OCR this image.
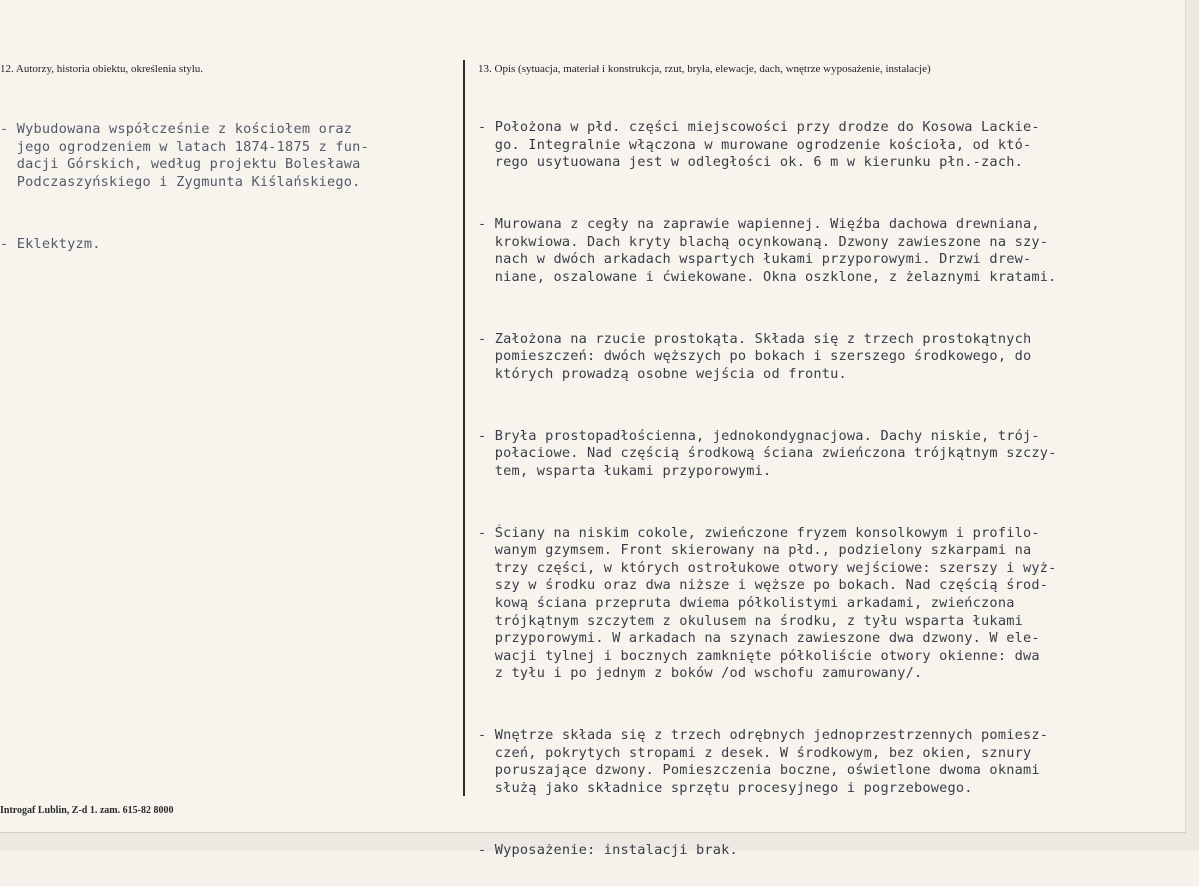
12. Autorzy, historia obiektu, określenia stylu.	13. Opis (sytuacja, materiał i konstrukcja, rzut, bryła, elewacje, dach, wnętrze wyposażenie, instalacje)

- Wybudowana współcześnie z kościołem oraz
jego ogrodzeniem w latach 1874-1875 z fun-
dacji Górskich, według projektu Bolesława
Podczaszyńskiego i Zygmunta Kiślańskiego.

- Eklektyzm.

- Położona w płd. części miejscowości przy drodze do Kosowa Lackie-
go. Integralnie włączona w murowane ogrodzenie kościoła, od któ-
rego usytuowana jest w odległości ok. 6 m w kierunku płn.-zach.

- Murowana z cegły na zaprawie wapiennej. Więźba dachowa drewniana,
krokwiowa. Dach kryty blachą ocynkowaną. Dzwony zawieszone na szy-
nach w dwóch arkadach wspartych łukami przyporowymi. Drzwi drew-
niane, oszalowane i ćwiekowane. Okna oszklone, z żelaznymi kratami.

- Założona na rzucie prostokąta. Składa się z trzech prostokątnych
pomieszczeń: dwóch węższych po bokach i szerszego środkowego, do
których prowadzą osobne wejścia od frontu.

- Bryła prostopadłościenna, jednokondygnacjowa. Dachy niskie, trój-
połaciowe. Nad częścią środkową ściana zwieńczona trójkątnym szczy-
tem, wsparta łukami przyporowymi.

- Ściany na niskim cokole, zwieńczone fryzem konsolkowym i profilo-
wanym gzymsem. Front skierowany na płd., podzielony szkarpami na
trzy części, w których ostrołukowe otwory wejściowe: szerszy i wyż-
szy w środku oraz dwa niższe i węższe po bokach. Nad częścią środ-
kową ściana przepruta dwiema półkolistymi arkadami, zwieńczona
trójkątnym szczytem z okulusem na środku, z tyłu wsparta łukami
przyporowymi. W arkadach na szynach zawieszone dwa dzwony. W ele-
wacji tylnej i bocznych zamknięte półkoliście otwory okienne: dwa
z tyłu i po jednym z boków /od wschofu zamurowany/.

- Wnętrze składa się z trzech odrębnych jednoprzestrzennych pomiesz-
czeń, pokrytych stropami z desek. W środkowym, bez okien, sznury
poruszające dzwony. Pomieszczenia boczne, oświetlone dwoma oknami
służą jako składnice sprzętu procesyjnego i pogrzebowego.

- Wyposażenie: instalacji brak.

Introgaf Lublin, Z-d 1. zam. 615-82 8000
